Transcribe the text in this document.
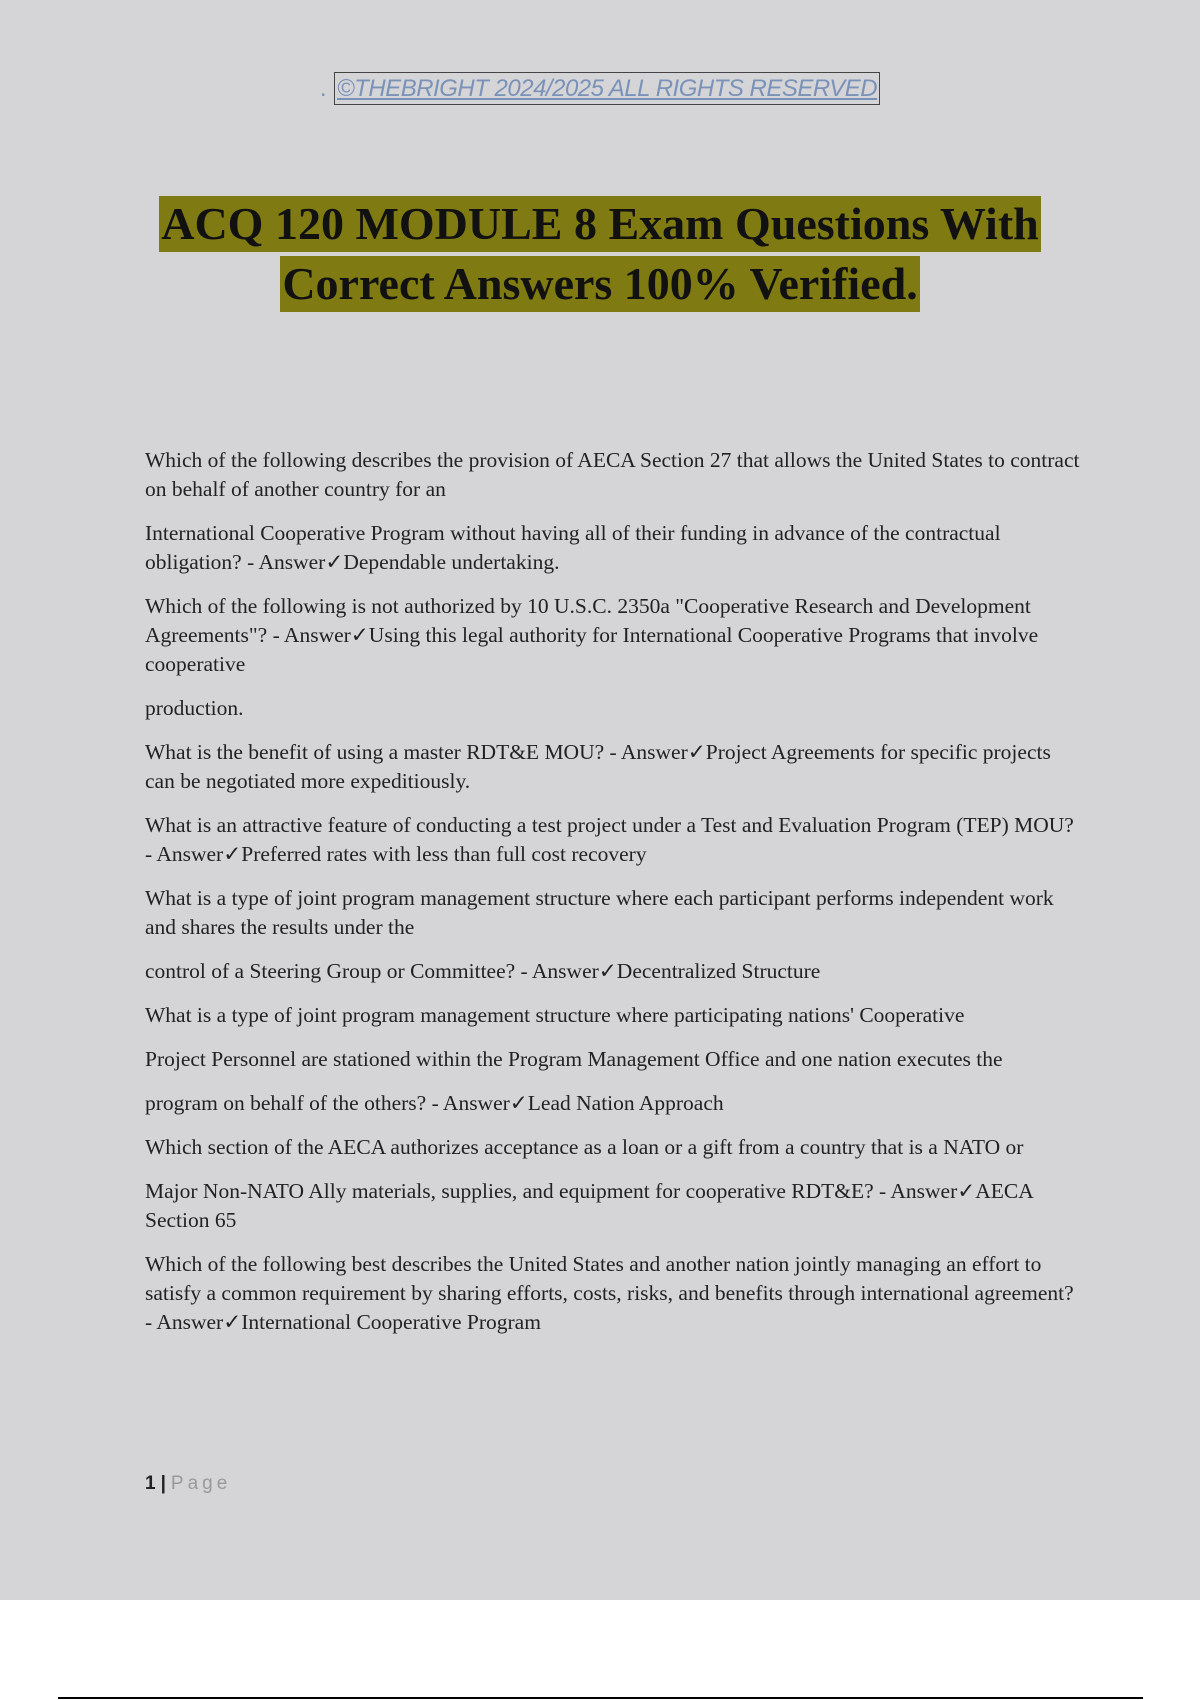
. ©THEBRIGHT 2024/2025 ALL RIGHTS RESERVED
ACQ 120 MODULE 8 Exam Questions With
Correct Answers 100% Verified.

Which of the following describes the provision of AECA Section 27 that allows the United States to contract on behalf of another country for an

International Cooperative Program without having all of their funding in advance of the contractual obligation? - Answer✓Dependable undertaking.

Which of the following is not authorized by 10 U.S.C. 2350a "Cooperative Research and Development Agreements"? - Answer✓Using this legal authority for International Cooperative Programs that involve cooperative

production.

What is the benefit of using a master RDT&E MOU? - Answer✓Project Agreements for specific projects can be negotiated more expeditiously.

What is an attractive feature of conducting a test project under a Test and Evaluation Program (TEP) MOU? - Answer✓Preferred rates with less than full cost recovery

What is a type of joint program management structure where each participant performs independent work and shares the results under the

control of a Steering Group or Committee? - Answer✓Decentralized Structure

What is a type of joint program management structure where participating nations' Cooperative

Project Personnel are stationed within the Program Management Office and one nation executes the

program on behalf of the others? - Answer✓Lead Nation Approach

Which section of the AECA authorizes acceptance as a loan or a gift from a country that is a NATO or

Major Non-NATO Ally materials, supplies, and equipment for cooperative RDT&E? - Answer✓AECA Section 65

Which of the following best describes the United States and another nation jointly managing an effort to satisfy a common requirement by sharing efforts, costs, risks, and benefits through international agreement? - Answer✓International Cooperative Program

1 | Page
